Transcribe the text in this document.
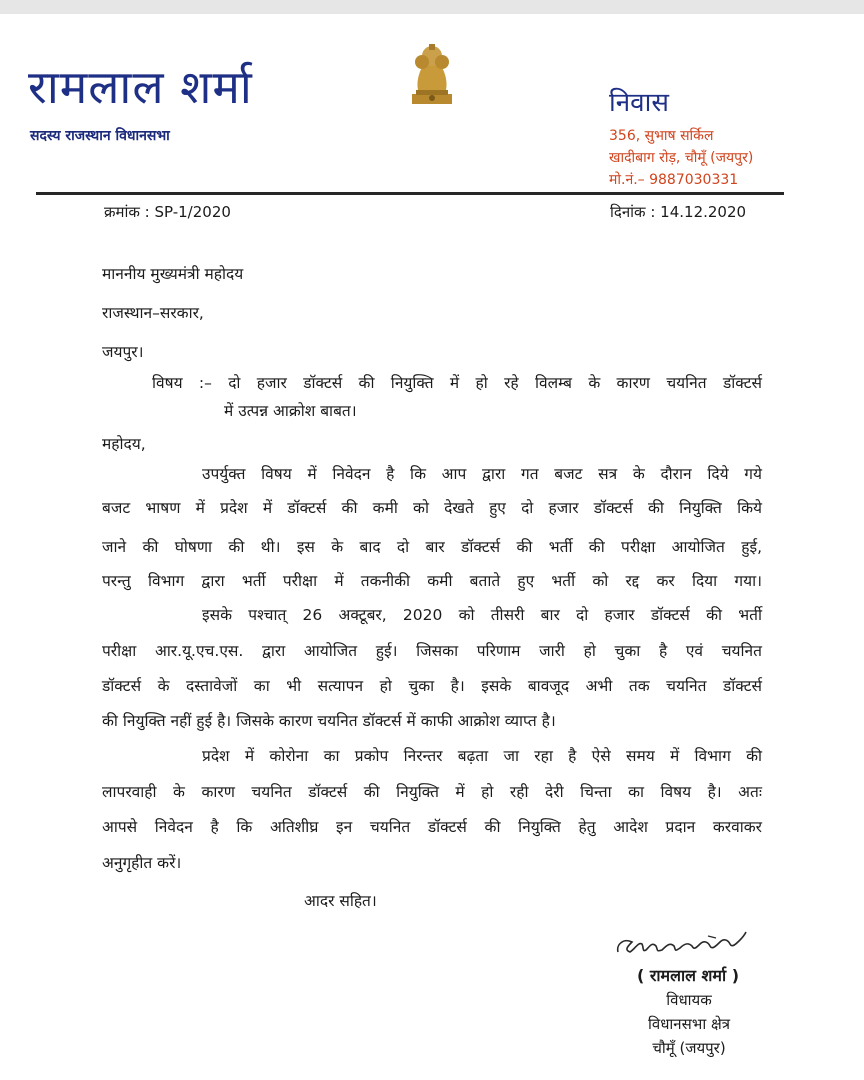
रामलाल शर्मा
सदस्य राजस्थान विधानसभा
निवास
356, सुभाष सर्किल
खादीबाग रोड़, चौमूँ (जयपुर)
मो.नं.– 9887030331
क्रमांक : SP-1/2020	दिनांक : 14.12.2020
माननीय मुख्यमंत्री महोदय
राजस्थान–सरकार,
जयपुर।
विषय :– दो हजार डॉक्टर्स की नियुक्ति में हो रहे विलम्ब के कारण चयनित डॉक्टर्स
में उत्पन्न आक्रोश बाबत।
महोदय,
उपर्युक्त विषय में निवेदन है कि आप द्वारा गत बजट सत्र के दौरान दिये गये
बजट भाषण में प्रदेश में डॉक्टर्स की कमी को देखते हुए दो हजार डॉक्टर्स की नियुक्ति किये
जाने की घोषणा की थी। इस के बाद दो बार डॉक्टर्स की भर्ती की परीक्षा आयोजित हुई,
परन्तु विभाग द्वारा भर्ती परीक्षा में तकनीकी कमी बताते हुए भर्ती को रद्द कर दिया गया।
इसके पश्चात् 26 अक्टूबर, 2020 को तीसरी बार दो हजार डॉक्टर्स की भर्ती
परीक्षा आर.यू.एच.एस. द्वारा आयोजित हुई। जिसका परिणाम जारी हो चुका है एवं चयनित
डॉक्टर्स के दस्तावेजों का भी सत्यापन हो चुका है। इसके बावजूद अभी तक चयनित डॉक्टर्स
की नियुक्ति नहीं हुई है। जिसके कारण चयनित डॉक्टर्स में काफी आक्रोश व्याप्त है।
प्रदेश में कोरोना का प्रकोप निरन्तर बढ़ता जा रहा है ऐसे समय में विभाग की
लापरवाही के कारण चयनित डॉक्टर्स की नियुक्ति में हो रही देरी चिन्ता का विषय है। अतः
आपसे निवेदन है कि अतिशीघ्र इन चयनित डॉक्टर्स की नियुक्ति हेतु आदेश प्रदान करवाकर
अनुगृहीत करें।
आदर सहित।
( रामलाल शर्मा )
विधायक
विधानसभा क्षेत्र
चौमूँ (जयपुर)
